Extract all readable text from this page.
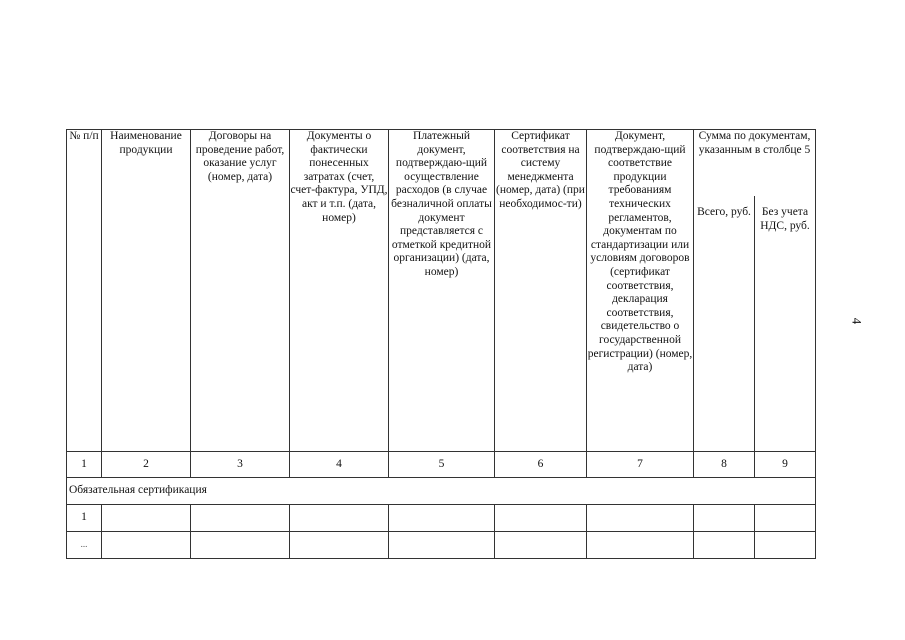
№ п/п	Наименование продукции	Договоры на проведение работ, оказание услуг (номер, дата)	Документы о фактически понесенных затратах (счет, счет-фактура, УПД, акт и т.п. (дата, номер)	Платежный документ, подтверждаю-щий осуществление расходов (в случае безналичной оплаты документ представляется с отметкой кредитной организации) (дата, номер)	Сертификат соответствия на систему менеджмента (номер, дата) (при необходимос-ти)	Документ, подтверждаю-щий соответствие продукции требованиям технических регламентов, документам по стандартизации или условиям договоров (сертификат соответствия, декларация соответствия, свидетельство о государственной регистрации) (номер, дата)	Сумма по документам, указанным в столбце 5	
							Всего, руб.	Без учета НДС, руб.
1	2	3	4	5	6	7	8	9
Обязательная сертификация								
1								
...								
4
